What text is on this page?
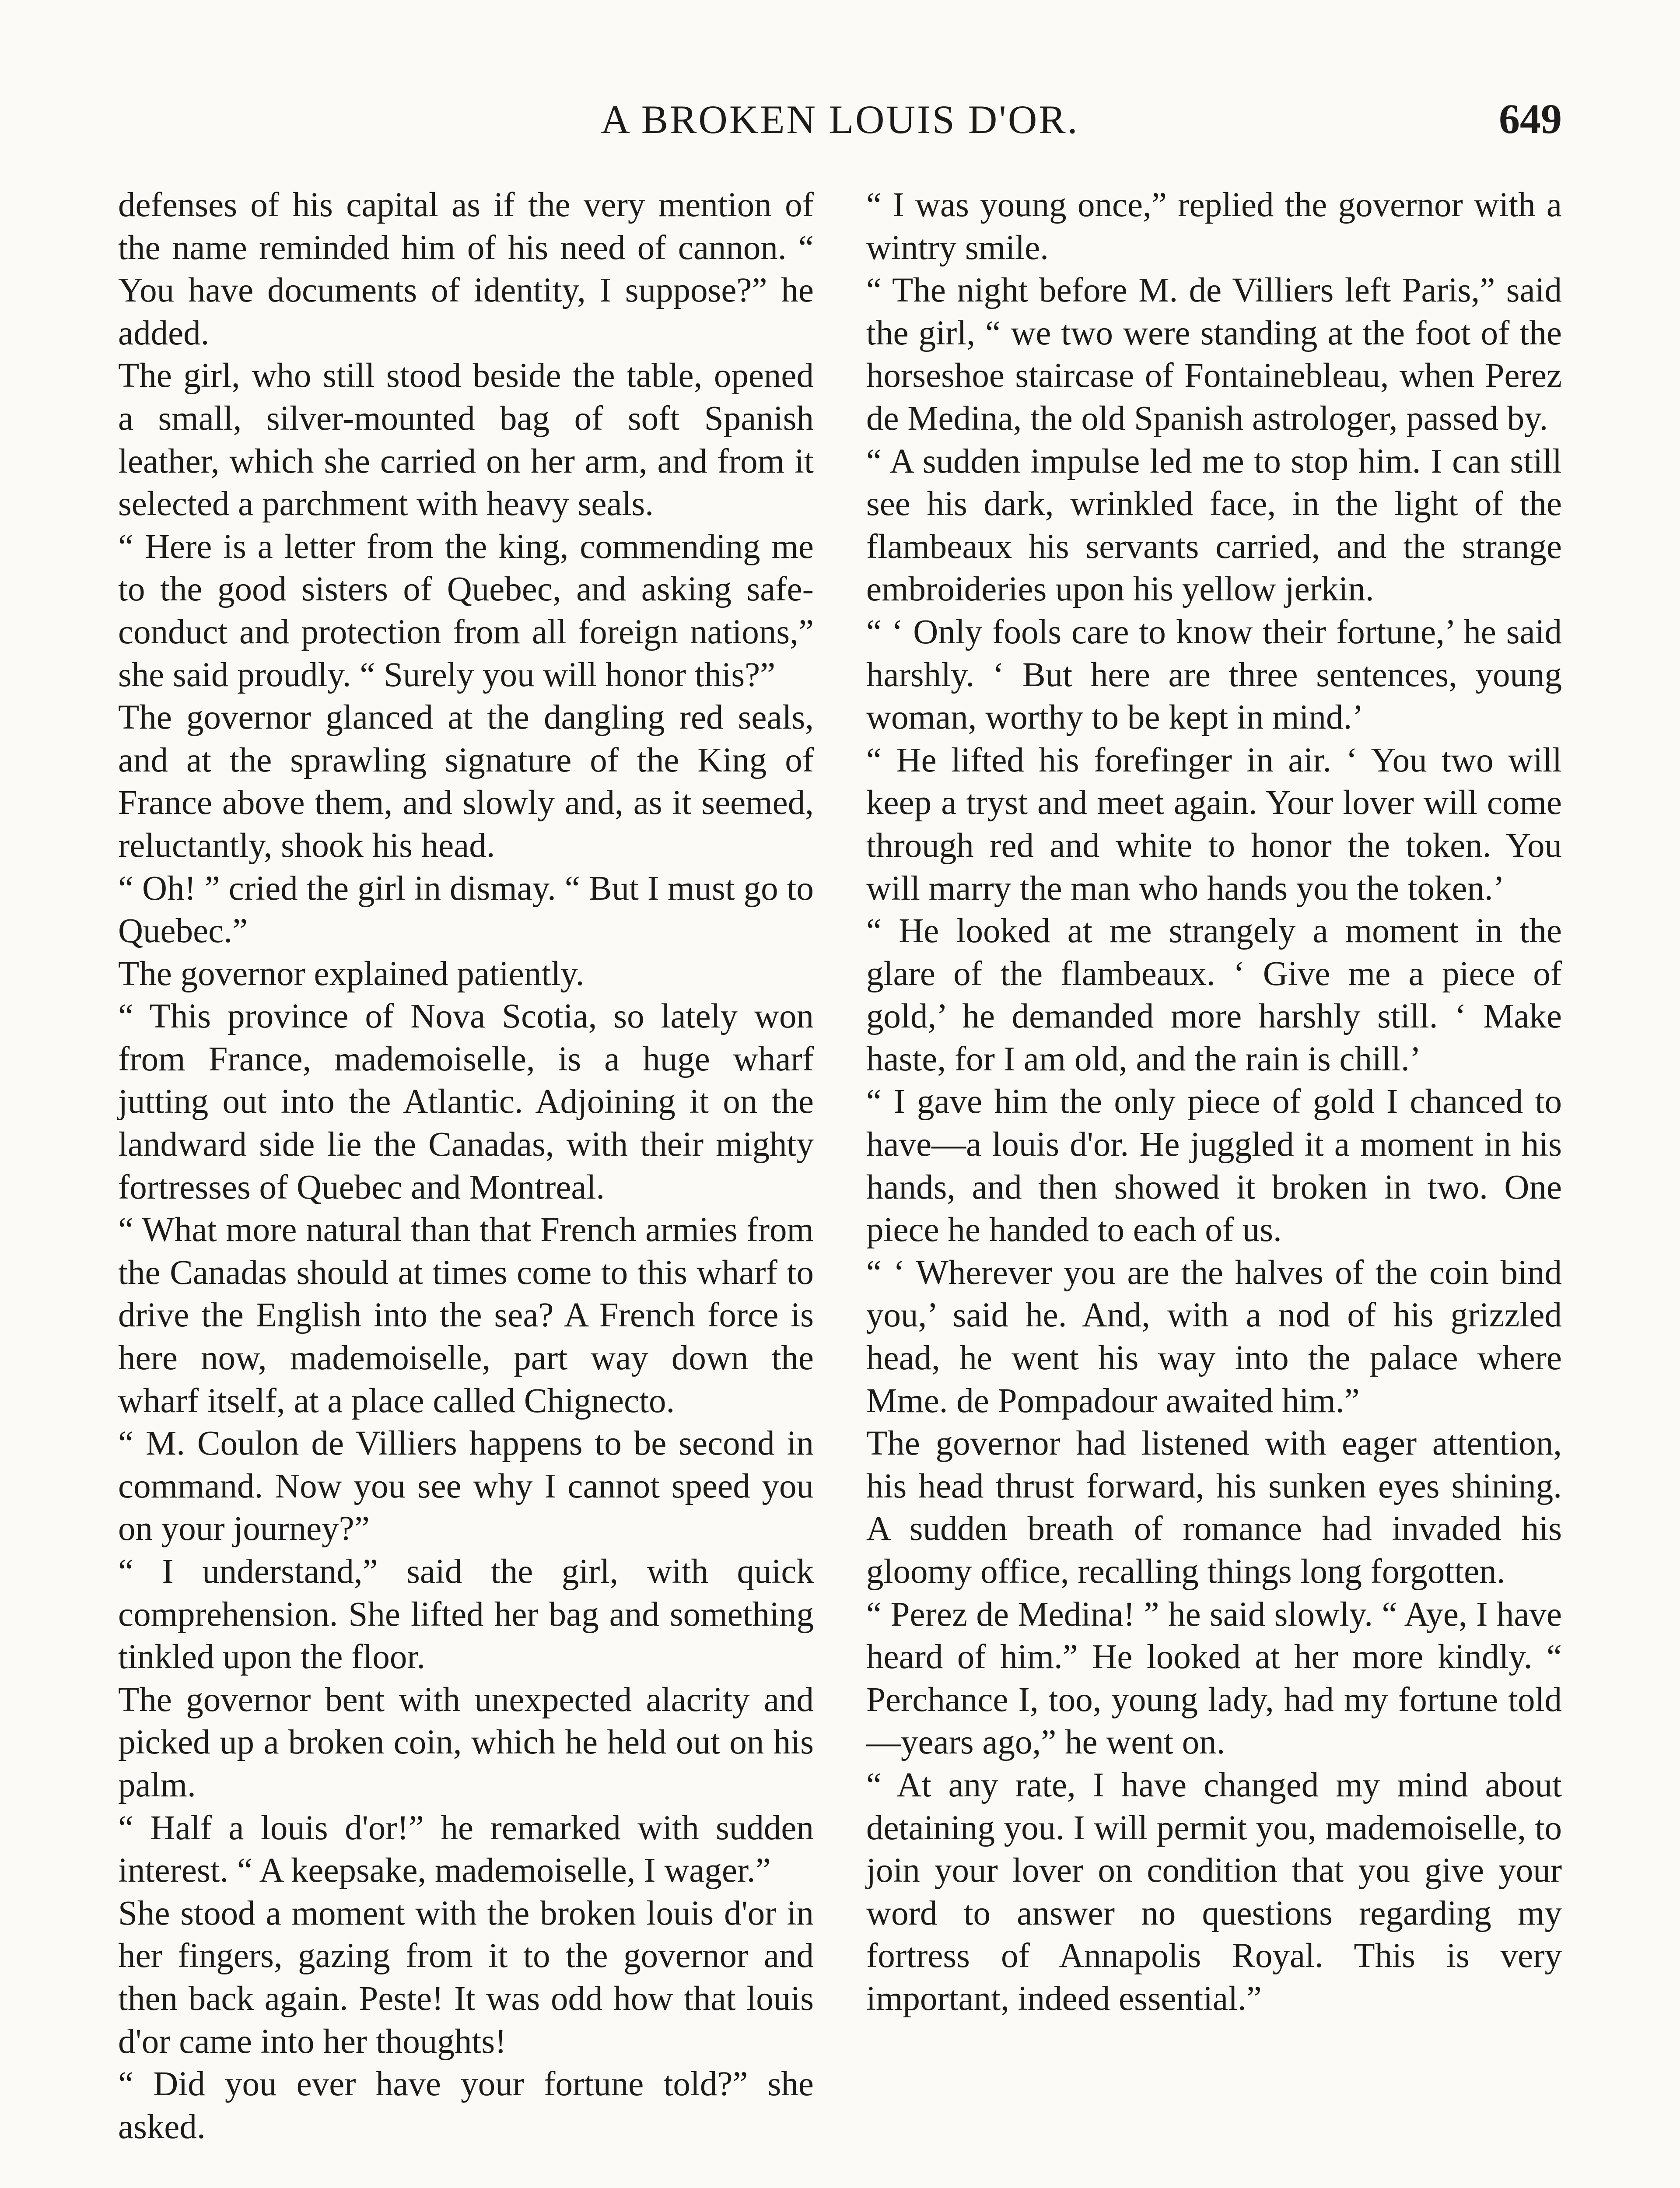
A BROKEN LOUIS D'OR.	649

defenses of his capital as if the very mention of the name reminded him of his need of cannon. “ You have documents of identity, I suppose?” he added.

The girl, who still stood beside the table, opened a small, silver-mounted bag of soft Spanish leather, which she carried on her arm, and from it selected a parchment with heavy seals.

“ Here is a letter from the king, commending me to the good sisters of Quebec, and asking safe-conduct and protection from all foreign nations,” she said proudly. “ Surely you will honor this?”

The governor glanced at the dangling red seals, and at the sprawling signature of the King of France above them, and slowly and, as it seemed, reluctantly, shook his head.

“ Oh! ” cried the girl in dismay. “ But I must go to Quebec.”

The governor explained patiently.

“ This province of Nova Scotia, so lately won from France, mademoiselle, is a huge wharf jutting out into the Atlantic. Adjoining it on the landward side lie the Canadas, with their mighty fortresses of Quebec and Montreal.

“ What more natural than that French armies from the Canadas should at times come to this wharf to drive the English into the sea? A French force is here now, mademoiselle, part way down the wharf itself, at a place called Chignecto.

“ M. Coulon de Villiers happens to be second in command. Now you see why I cannot speed you on your journey?”

“ I understand,” said the girl, with quick comprehension. She lifted her bag and something tinkled upon the floor.

The governor bent with unexpected alacrity and picked up a broken coin, which he held out on his palm.

“ Half a louis d'or!” he remarked with sudden interest. “ A keepsake, mademoiselle, I wager.”

She stood a moment with the broken louis d'or in her fingers, gazing from it to the governor and then back again. Peste! It was odd how that louis d'or came into her thoughts!

“ Did you ever have your fortune told?” she asked.

“ I was young once,” replied the governor with a wintry smile.

“ The night before M. de Villiers left Paris,” said the girl, “ we two were standing at the foot of the horseshoe staircase of Fontainebleau, when Perez de Medina, the old Spanish astrologer, passed by.

“ A sudden impulse led me to stop him. I can still see his dark, wrinkled face, in the light of the flambeaux his servants carried, and the strange embroideries upon his yellow jerkin.

“ ‘ Only fools care to know their fortune,’ he said harshly. ‘ But here are three sentences, young woman, worthy to be kept in mind.’

“ He lifted his forefinger in air. ‘ You two will keep a tryst and meet again. Your lover will come through red and white to honor the token. You will marry the man who hands you the token.’

“ He looked at me strangely a moment in the glare of the flambeaux. ‘ Give me a piece of gold,’ he demanded more harshly still. ‘ Make haste, for I am old, and the rain is chill.’

“ I gave him the only piece of gold I chanced to have—a louis d'or. He juggled it a moment in his hands, and then showed it broken in two. One piece he handed to each of us.

“ ‘ Wherever you are the halves of the coin bind you,’ said he. And, with a nod of his grizzled head, he went his way into the palace where Mme. de Pompadour awaited him.”

The governor had listened with eager attention, his head thrust forward, his sunken eyes shining. A sudden breath of romance had invaded his gloomy office, recalling things long forgotten.

“ Perez de Medina! ” he said slowly. “ Aye, I have heard of him.” He looked at her more kindly. “ Perchance I, too, young lady, had my fortune told—years ago,” he went on.

“ At any rate, I have changed my mind about detaining you. I will permit you, mademoiselle, to join your lover on condition that you give your word to answer no questions regarding my fortress of Annapolis Royal. This is very important, indeed essential.”
